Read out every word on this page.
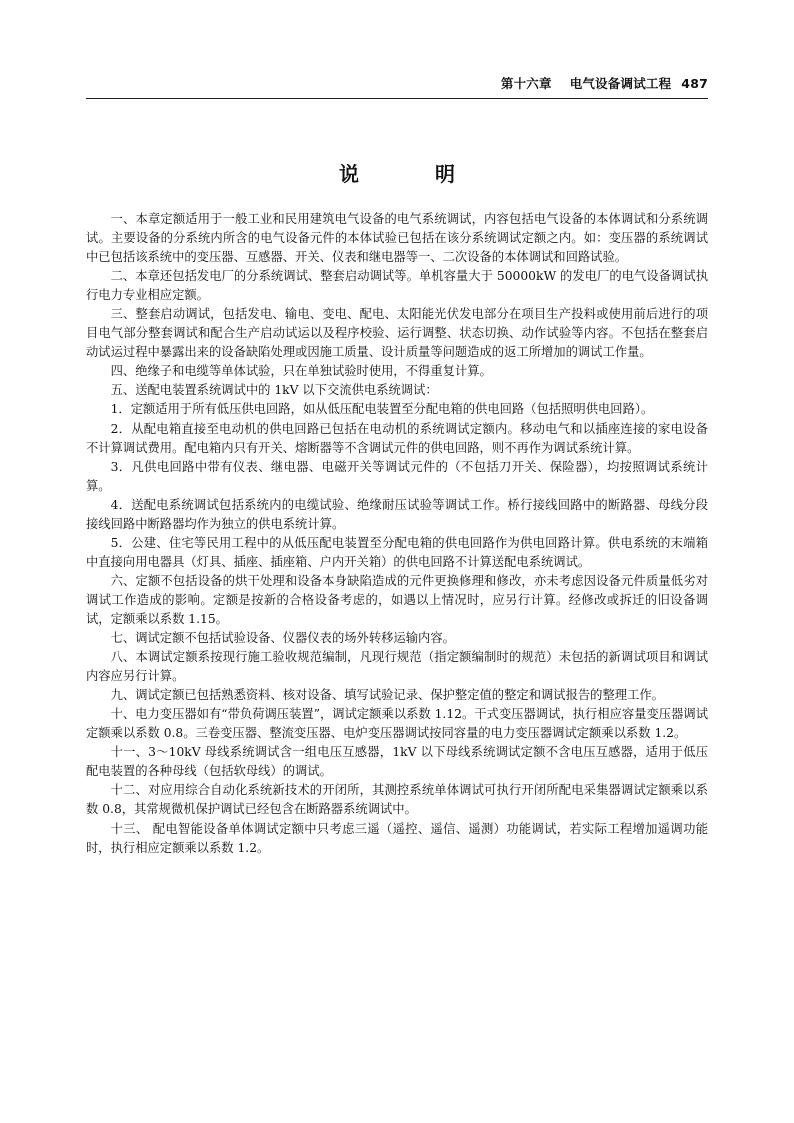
第十六章 电气设备调试工程 487
说　明

一、本章定额适用于一般工业和民用建筑电气设备的电气系统调试，内容包括电气设备的本体调试和分系统调试。主要设备的分系统内所含的电气设备元件的本体试验已包括在该分系统调试定额之内。如：变压器的系统调试中已包括该系统中的变压器、互感器、开关、仪表和继电器等一、二次设备的本体调试和回路试验。

二、本章还包括发电厂的分系统调试、整套启动调试等。单机容量大于 50000kW 的发电厂的电气设备调试执行电力专业相应定额。

三、整套启动调试，包括发电、输电、变电、配电、太阳能光伏发电部分在项目生产投料或使用前后进行的项目电气部分整套调试和配合生产启动试运以及程序校验、运行调整、状态切换、动作试验等内容。不包括在整套启动试运过程中暴露出来的设备缺陷处理或因施工质量、设计质量等问题造成的返工所增加的调试工作量。

四、绝缘子和电缆等单体试验，只在单独试验时使用，不得重复计算。

五、送配电装置系统调试中的 1kV 以下交流供电系统调试：

1．定额适用于所有低压供电回路，如从低压配电装置至分配电箱的供电回路（包括照明供电回路）。

2．从配电箱直接至电动机的供电回路已包括在电动机的系统调试定额内。移动电气和以插座连接的家电设备不计算调试费用。配电箱内只有开关、熔断器等不含调试元件的供电回路，则不再作为调试系统计算。

3．凡供电回路中带有仪表、继电器、电磁开关等调试元件的（不包括刀开关、保险器），均按照调试系统计算。

4．送配电系统调试包括系统内的电缆试验、绝缘耐压试验等调试工作。桥行接线回路中的断路器、母线分段接线回路中断路器均作为独立的供电系统计算。

5．公建、住宅等民用工程中的从低压配电装置至分配电箱的供电回路作为供电回路计算。供电系统的末端箱中直接向用电器具（灯具、插座、插座箱、户内开关箱）的供电回路不计算送配电系统调试。

六、定额不包括设备的烘干处理和设备本身缺陷造成的元件更换修理和修改，亦未考虑因设备元件质量低劣对调试工作造成的影响。定额是按新的合格设备考虑的，如遇以上情况时，应另行计算。经修改或拆迁的旧设备调试，定额乘以系数 1.15。

七、调试定额不包括试验设备、仪器仪表的场外转移运输内容。

八、本调试定额系按现行施工验收规范编制，凡现行规范（指定额编制时的规范）未包括的新调试项目和调试内容应另行计算。

九、调试定额已包括熟悉资料、核对设备、填写试验记录、保护整定值的整定和调试报告的整理工作。

十、电力变压器如有“带负荷调压装置”，调试定额乘以系数 1.12。干式变压器调试，执行相应容量变压器调试定额乘以系数 0.8。三卷变压器、整流变压器、电炉变压器调试按同容量的电力变压器调试定额乘以系数 1.2。

十一、3～10kV 母线系统调试含一组电压互感器，1kV 以下母线系统调试定额不含电压互感器，适用于低压配电装置的各种母线（包括软母线）的调试。

十二、对应用综合自动化系统新技术的开闭所，其测控系统单体调试可执行开闭所配电采集器调试定额乘以系数 0.8，其常规微机保护调试已经包含在断路器系统调试中。

十三、 配电智能设备单体调试定额中只考虑三遥（遥控、遥信、遥测）功能调试，若实际工程增加遥调功能时，执行相应定额乘以系数 1.2。
